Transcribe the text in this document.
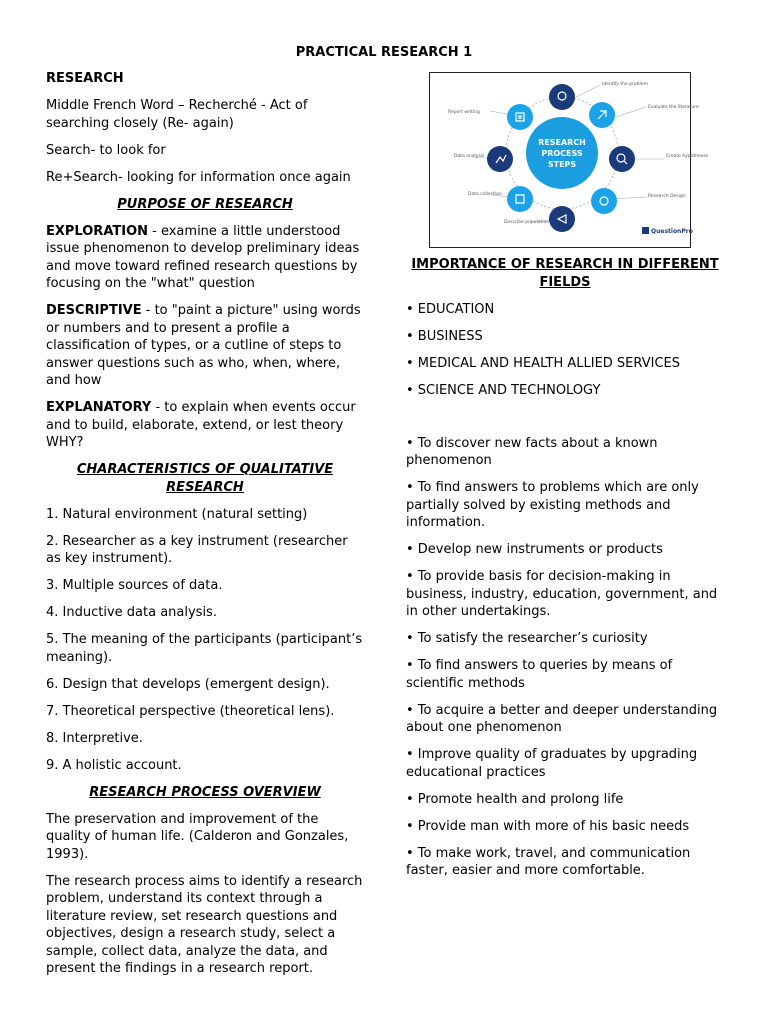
PRACTICAL RESEARCH 1

RESEARCH

Middle French Word – Recherché - Act of searching closely (Re- again)

Search- to look for

Re+Search- looking for information once again

PURPOSE OF RESEARCH

EXPLORATION - examine a little understood issue phenomenon to develop preliminary ideas and move toward refined research questions by focusing on the "what" question

DESCRIPTIVE - to "paint a picture" using words or numbers and to present a profile a classification of types, or a cutline of steps to answer questions such as who, when, where, and how

EXPLANATORY - to explain when events occur and to build, elaborate, extend, or lest theory WHY?

CHARACTERISTICS OF QUALITATIVE RESEARCH

1. Natural environment (natural setting)

2. Researcher as a key instrument (researcher as key instrument).

3. Multiple sources of data.

4. Inductive data analysis.

5. The meaning of the participants (participant’s meaning).

6. Design that develops (emergent design).

7. Theoretical perspective (theoretical lens).

8. Interpretive.

9. A holistic account.

RESEARCH PROCESS OVERVIEW

The preservation and improvement of the quality of human life. (Calderon and Gonzales, 1993).

The research process aims to identify a research problem, understand its context through a literature review, set research questions and objectives, design a research study, select a sample, collect data, analyze the data, and present the findings in a research report.

RESEARCH
PROCESS
STEPS
Identify the problem
Evaluate the literature
Create hypotheses
Research Design
Describe population
Data collection
Data analysis
Report writing
QuestionPro
IMPORTANCE OF RESEARCH IN DIFFERENT FIELDS

• EDUCATION

• BUSINESS

• MEDICAL AND HEALTH ALLIED SERVICES

• SCIENCE AND TECHNOLOGY

• To discover new facts about a known phenomenon

• To find answers to problems which are only partially solved by existing methods and information.

• Develop new instruments or products

• To provide basis for decision-making in business, industry, education, government, and in other undertakings.

• To satisfy the researcher’s curiosity

• To find answers to queries by means of scientific methods

• To acquire a better and deeper understanding about one phenomenon

• Improve quality of graduates by upgrading educational practices

• Promote health and prolong life

• Provide man with more of his basic needs

• To make work, travel, and communication faster, easier and more comfortable.
